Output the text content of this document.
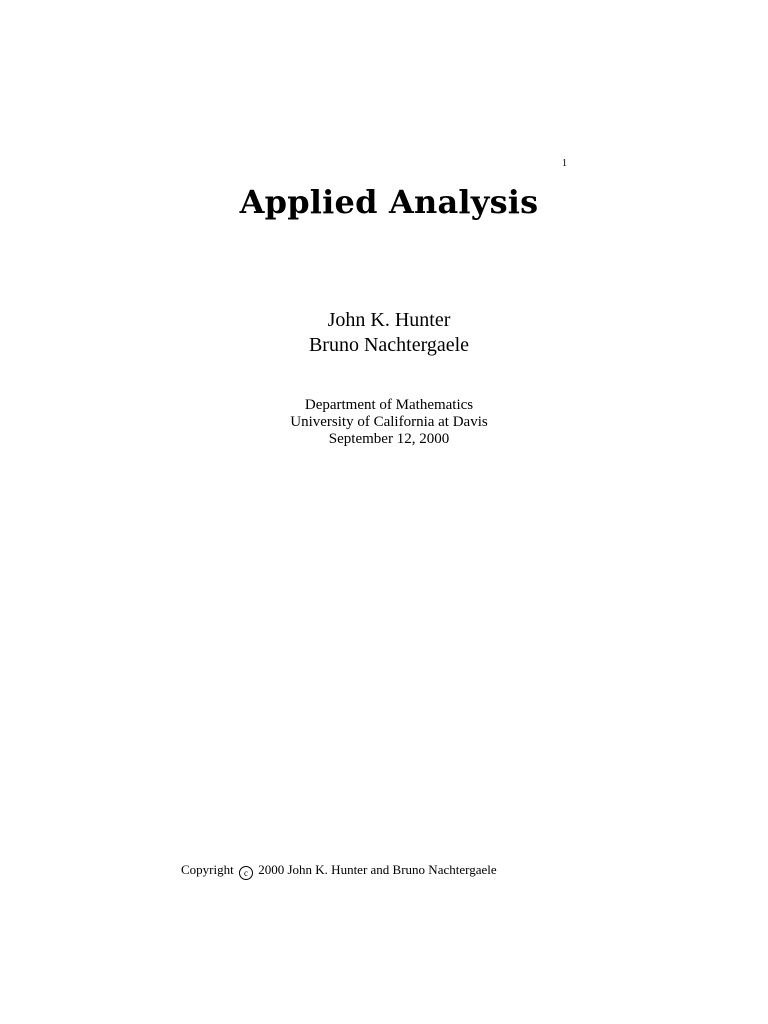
1
Applied Analysis
John K. Hunter
Bruno Nachtergaele
Department of Mathematics
University of California at Davis
September 12, 2000
Copyright c 2000 John K. Hunter and Bruno Nachtergaele
